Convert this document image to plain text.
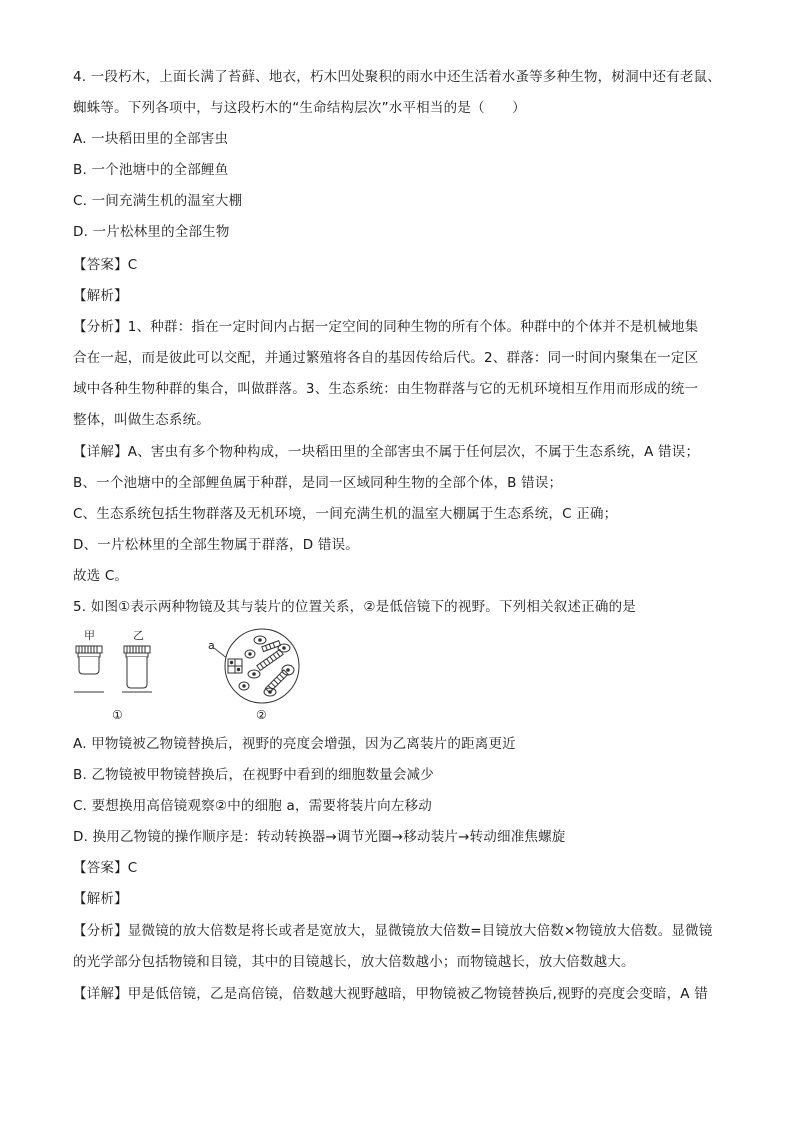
4. 一段朽木，上面长满了苔藓、地衣，朽木凹处聚积的雨水中还生活着水蚤等多种生物，树洞中还有老鼠、
蜘蛛等。下列各项中，与这段朽木的“生命结构层次”水平相当的是（　　）
A. 一块稻田里的全部害虫
B. 一个池塘中的全部鲤鱼
C. 一间充满生机的温室大棚
D. 一片松林里的全部生物
【答案】C
【解析】
【分析】1、种群：指在一定时间内占据一定空间的同种生物的所有个体。种群中的个体并不是机械地集
合在一起，而是彼此可以交配，并通过繁殖将各自的基因传给后代。2、群落：同一时间内聚集在一定区
域中各种生物种群的集合，叫做群落。3、生态系统：由生物群落与它的无机环境相互作用而形成的统一
整体，叫做生态系统。
【详解】A、害虫有多个物种构成，一块稻田里的全部害虫不属于任何层次，不属于生态系统，A 错误；
B、一个池塘中的全部鲤鱼属于种群，是同一区域同种生物的全部个体，B 错误；
C、生态系统包括生物群落及无机环境，一间充满生机的温室大棚属于生态系统，C 正确；
D、一片松林里的全部生物属于群落，D 错误。
故选 C。
5. 如图①表示两种物镜及其与装片的位置关系，②是低倍镜下的视野。下列相关叙述正确的是
甲	乙
①
a
②
A. 甲物镜被乙物镜替换后，视野的亮度会增强，因为乙离装片的距离更近
B. 乙物镜被甲物镜替换后，在视野中看到的细胞数量会减少
C. 要想换用高倍镜观察②中的细胞 a，需要将装片向左移动
D. 换用乙物镜的操作顺序是：转动转换器→调节光圈→移动装片→转动细准焦螺旋
【答案】C
【解析】
【分析】显微镜的放大倍数是将长或者是宽放大，显微镜放大倍数=目镜放大倍数×物镜放大倍数。显微镜
的光学部分包括物镜和目镜，其中的目镜越长，放大倍数越小；而物镜越长，放大倍数越大。
【详解】甲是低倍镜，乙是高倍镜，倍数越大视野越暗，甲物镜被乙物镜替换后,视野的亮度会变暗，A 错
